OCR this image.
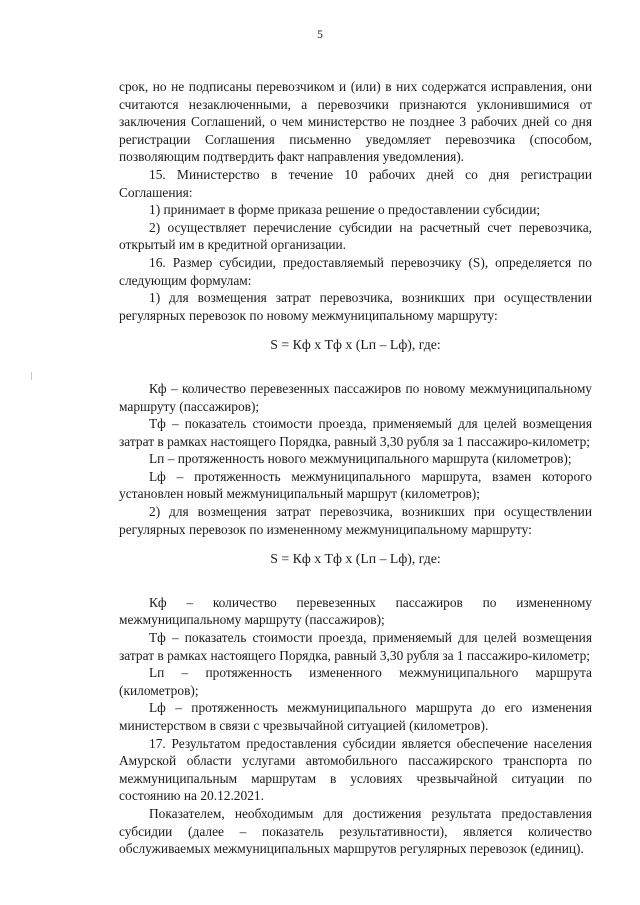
5

срок, но не подписаны перевозчиком и (или) в них содержатся исправления, они считаются незаключенными, а перевозчики признаются уклонившимися от заключения Соглашений, о чем министерство не позднее 3 рабочих дней со дня регистрации Соглашения письменно уведомляет перевозчика (способом, позволяющим подтвердить факт направления уведомления).

15. Министерство в течение 10 рабочих дней со дня регистрации Соглашения:

1) принимает в форме приказа решение о предоставлении субсидии;

2) осуществляет перечисление субсидии на расчетный счет перевозчика, открытый им в кредитной организации.

16. Размер субсидии, предоставляемый перевозчику (S), определяется по следующим формулам:

1) для возмещения затрат перевозчика, возникших при осуществлении регулярных перевозок по новому межмуниципальному маршруту:

S = Кф x Тф x (Lп – Lф), где:

Кф – количество перевезенных пассажиров по новому межмуниципальному маршруту (пассажиров);

Тф – показатель стоимости проезда, применяемый для целей возмещения затрат в рамках настоящего Порядка, равный 3,30 рубля за 1 пассажиро-километр;

Lп – протяженность нового межмуниципального маршрута (километров);

Lф – протяженность межмуниципального маршрута, взамен которого установлен новый межмуниципальный маршрут (километров);

2) для возмещения затрат перевозчика, возникших при осуществлении регулярных перевозок по измененному межмуниципальному маршруту:

S = Кф x Тф x (Lп – Lф), где:

Кф – количество перевезенных пассажиров по измененному межмуниципальному маршруту (пассажиров);

Тф – показатель стоимости проезда, применяемый для целей возмещения затрат в рамках настоящего Порядка, равный 3,30 рубля за 1 пассажиро-километр;

Lп – протяженность измененного межмуниципального маршрута (километров);

Lф – протяженность межмуниципального маршрута до его изменения министерством в связи с чрезвычайной ситуацией (километров).

17. Результатом предоставления субсидии является обеспечение населения Амурской области услугами автомобильного пассажирского транспорта по межмуниципальным маршрутам в условиях чрезвычайной ситуации по состоянию на 20.12.2021.

Показателем, необходимым для достижения результата предоставления субсидии (далее – показатель результативности), является количество обслуживаемых межмуниципальных маршрутов регулярных перевозок (единиц).
